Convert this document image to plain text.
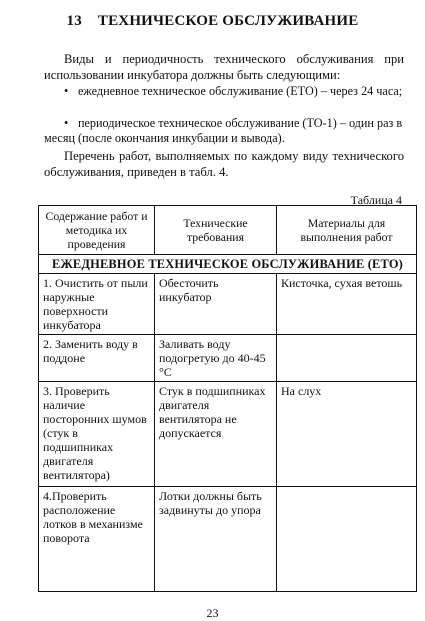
13 ТЕХНИЧЕСКОЕ ОБСЛУЖИВАНИЕ
Виды и периодичность технического обслуживания при использовании инкубатора должны быть следующими:
• ежедневное техническое обслуживание (ЕТО) – через 24 часа;
• периодическое техническое обслуживание (ТО-1) – один раз в месяц (после окончания инкубации и вывода).
Перечень работ, выполняемых по каждому виду технического обслуживания, приведен в табл. 4.
Таблица 4
Содержание работ и методика их проведения	Технические требования	Материалы для выполнения работ
ЕЖЕДНЕВНОЕ ТЕХНИЧЕСКОЕ ОБСЛУЖИВАНИЕ (ЕТО)		
1. Очистить от пыли наружные поверхности инкубатора	Обесточить инкубатор	Кисточка, сухая ветошь
2. Заменить воду в поддоне	Заливать воду подогретую до 40-45 °С	
3. Проверить наличие посторонних шумов (стук в подшипниках двигателя вентилятора)	Стук в подшипниках двигателя вентилятора не допускается	На слух
4.Проверить расположение лотков в механизме поворота	Лотки должны быть задвинуты до упора	
23
